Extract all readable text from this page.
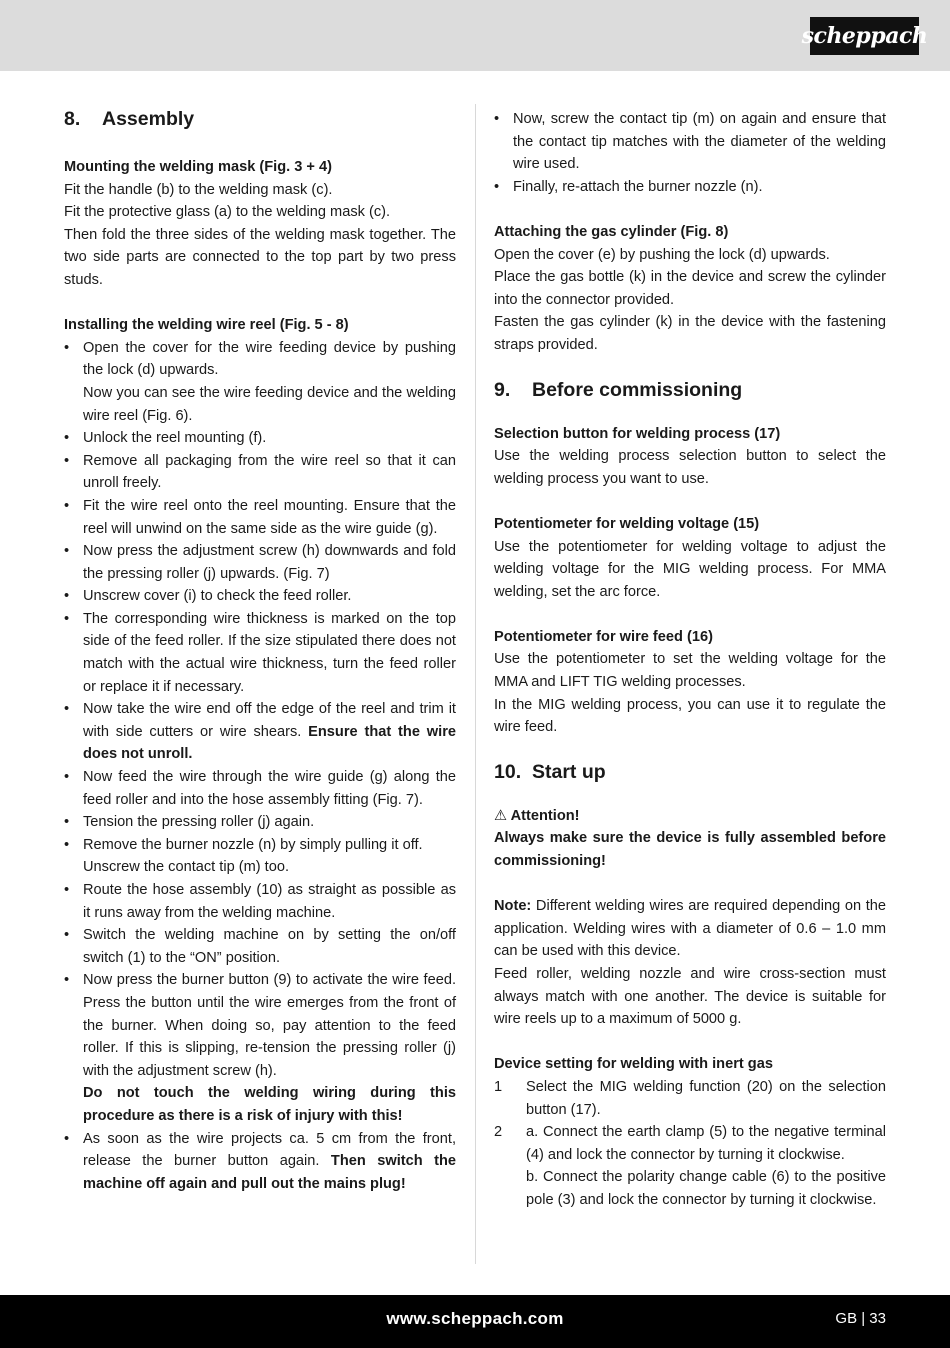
scheppach
8. Assembly
Mounting the welding mask (Fig. 3 + 4)

Fit the handle (b) to the welding mask (c).

Fit the protective glass (a) to the welding mask (c).

Then fold the three sides of the welding mask together. The two side parts are connected to the top part by two press studs.

Installing the welding wire reel (Fig. 5 - 8)
• Open the cover for the wire feeding device by pushing the lock (d) upwards.
Now you can see the wire feeding device and the welding wire reel (Fig. 6).
• Unlock the reel mounting (f).
• Remove all packaging from the wire reel so that it can unroll freely.
• Fit the wire reel onto the reel mounting. Ensure that the reel will unwind on the same side as the wire guide (g).
• Now press the adjustment screw (h) downwards and fold the pressing roller (j) upwards. (Fig. 7)
• Unscrew cover (i) to check the feed roller.
• The corresponding wire thickness is marked on the top side of the feed roller. If the size stipulated there does not match with the actual wire thickness, turn the feed roller or replace it if necessary.
• Now take the wire end off the edge of the reel and trim it with side cutters or wire shears. Ensure that the wire does not unroll.
• Now feed the wire through the wire guide (g) along the feed roller and into the hose assembly fitting (Fig. 7).
• Tension the pressing roller (j) again.
• Remove the burner nozzle (n) by simply pulling it off.
Unscrew the contact tip (m) too.
• Route the hose assembly (10) as straight as possible as it runs away from the welding machine.
• Switch the welding machine on by setting the on/off switch (1) to the “ON” position.
• Now press the burner button (9) to activate the wire feed. Press the button until the wire emerges from the front of the burner. When doing so, pay attention to the feed roller. If this is slipping, re-tension the pressing roller (j) with the adjustment screw (h).
Do not touch the welding wiring during this procedure as there is a risk of injury with this!
• As soon as the wire projects ca. 5 cm from the front, release the burner button again. Then switch the machine off again and pull out the mains plug!
• Now, screw the contact tip (m) on again and ensure that the contact tip matches with the diameter of the welding wire used.
• Finally, re-attach the burner nozzle (n).
Attaching the gas cylinder (Fig. 8)

Open the cover (e) by pushing the lock (d) upwards.

Place the gas bottle (k) in the device and screw the cylinder into the connector provided.

Fasten the gas cylinder (k) in the device with the fastening straps provided.

9. Before commissioning
Selection button for welding process (17)

Use the welding process selection button to select the welding process you want to use.

Potentiometer for welding voltage (15)

Use the potentiometer for welding voltage to adjust the welding voltage for the MIG welding process. For MMA welding, set the arc force.

Potentiometer for wire feed (16)

Use the potentiometer to set the welding voltage for the MMA and LIFT TIG welding processes.

In the MIG welding process, you can use it to regulate the wire feed.

10. Start up
⚠ Attention!

Always make sure the device is fully assembled before commissioning!

Note: Different welding wires are required depending on the application. Welding wires with a diameter of 0.6 – 1.0 mm can be used with this device.

Feed roller, welding nozzle and wire cross-section must always match with one another. The device is suitable for wire reels up to a maximum of 5000 g.

Device setting for welding with inert gas
1 Select the MIG welding function (20) on the selection button (17).
2 a. Connect the earth clamp (5) to the negative terminal (4) and lock the connector by turning it clockwise.
b. Connect the polarity change cable (6) to the positive pole (3) and lock the connector by turning it clockwise.
www.scheppach.com	GB | 33
